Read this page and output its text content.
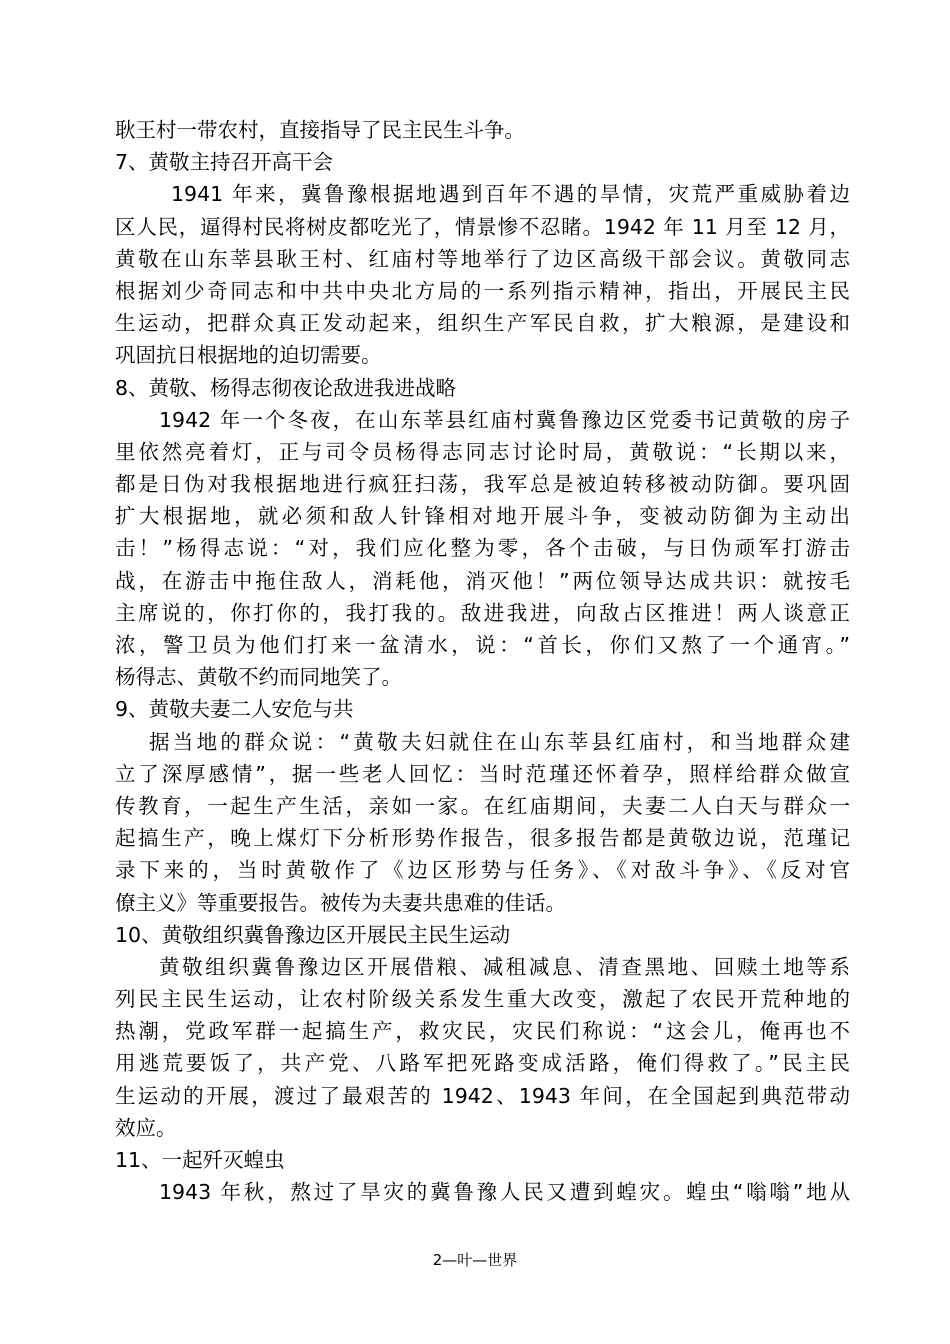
耿王村一带农村，直接指导了民主民生斗争。
7、黄敬主持召开高干会
1941 年来，冀鲁豫根据地遇到百年不遇的旱情，灾荒严重威胁着边
区人民，逼得村民将树皮都吃光了，情景惨不忍睹。1942 年 11 月至 12 月，
黄敬在山东莘县耿王村、红庙村等地举行了边区高级干部会议。黄敬同志
根据刘少奇同志和中共中央北方局的一系列指示精神，指出，开展民主民
生运动，把群众真正发动起来，组织生产军民自救，扩大粮源，是建设和
巩固抗日根据地的迫切需要。
8、黄敬、杨得志彻夜论敌进我进战略
1942 年一个冬夜，在山东莘县红庙村冀鲁豫边区党委书记黄敬的房子
里依然亮着灯，正与司令员杨得志同志讨论时局，黄敬说：“长期以来，
都是日伪对我根据地进行疯狂扫荡，我军总是被迫转移被动防御。要巩固
扩大根据地，就必须和敌人针锋相对地开展斗争，变被动防御为主动出
击！”杨得志说：“对，我们应化整为零，各个击破，与日伪顽军打游击
战，在游击中拖住敌人，消耗他，消灭他！”两位领导达成共识：就按毛
主席说的，你打你的，我打我的。敌进我进，向敌占区推进！两人谈意正
浓，警卫员为他们打来一盆清水，说：“首长，你们又熬了一个通宵。”
杨得志、黄敬不约而同地笑了。
9、黄敬夫妻二人安危与共
据当地的群众说：“黄敬夫妇就住在山东莘县红庙村，和当地群众建
立了深厚感情”，据一些老人回忆：当时范瑾还怀着孕，照样给群众做宣
传教育，一起生产生活，亲如一家。在红庙期间，夫妻二人白天与群众一
起搞生产，晚上煤灯下分析形势作报告，很多报告都是黄敬边说，范瑾记
录下来的，当时黄敬作了《边区形势与任务》、《对敌斗争》、《反对官
僚主义》等重要报告。被传为夫妻共患难的佳话。
10、黄敬组织冀鲁豫边区开展民主民生运动
黄敬组织冀鲁豫边区开展借粮、减租减息、清查黑地、回赎土地等系
列民主民生运动，让农村阶级关系发生重大改变，激起了农民开荒种地的
热潮，党政军群一起搞生产，救灾民，灾民们称说：“这会儿，俺再也不
用逃荒要饭了，共产党、八路军把死路变成活路，俺们得救了。”民主民
生运动的开展，渡过了最艰苦的 1942、1943 年间，在全国起到典范带动
效应。
11、一起歼灭蝗虫
1943 年秋，熬过了旱灾的冀鲁豫人民又遭到蝗灾。蝗虫“嗡嗡”地从
2—叶—世界
